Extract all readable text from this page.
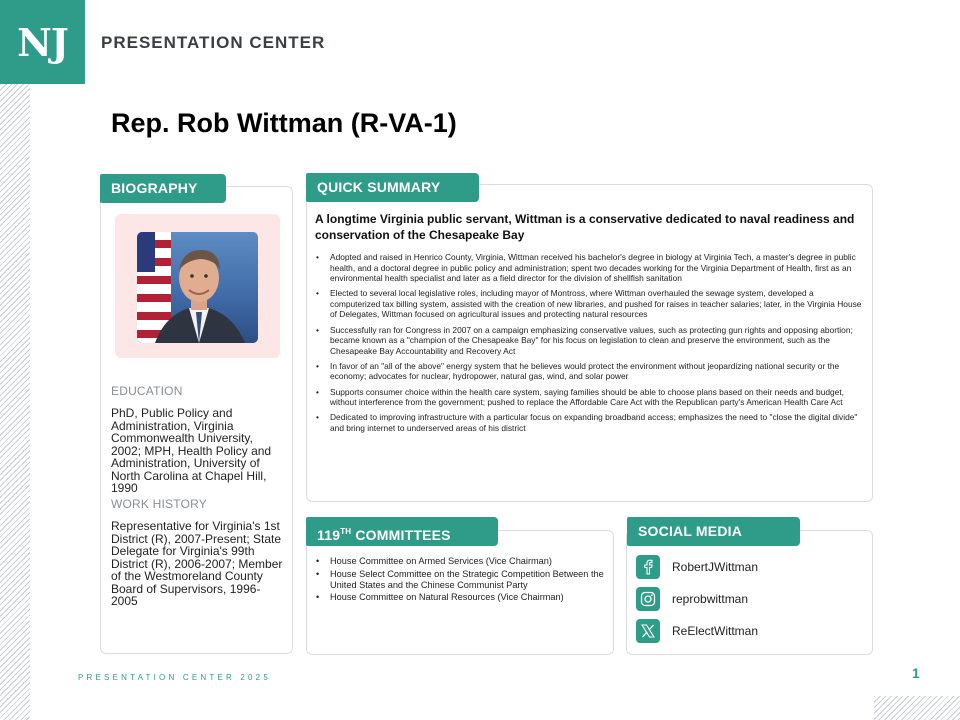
NJ	PRESENTATION CENTER
Rep. Rob Wittman (R-VA-1)
BIOGRAPHY
EDUCATION
PhD, Public Policy and Administration, Virginia Commonwealth University, 2002; MPH, Health Policy and Administration, University of North Carolina at Chapel Hill, 1990
WORK HISTORY
Representative for Virginia's 1st District (R), 2007-Present; State Delegate for Virginia's 99th District (R), 2006-2007; Member of the Westmoreland County Board of Supervisors, 1996-2005
QUICK SUMMARY
A longtime Virginia public servant, Wittman is a conservative dedicated to naval readiness and conservation of the Chesapeake Bay
• Adopted and raised in Henrico County, Virginia, Wittman received his bachelor's degree in biology at Virginia Tech, a master's degree in public health, and a doctoral degree in public policy and administration; spent two decades working for the Virginia Department of Health, first as an environmental health specialist and later as a field director for the division of shellfish sanitation
• Elected to several local legislative roles, including mayor of Montross, where Wittman overhauled the sewage system, developed a computerized tax billing system, assisted with the creation of new libraries, and pushed for raises in teacher salaries; later, in the Virginia House of Delegates, Wittman focused on agricultural issues and protecting natural resources
• Successfully ran for Congress in 2007 on a campaign emphasizing conservative values, such as protecting gun rights and opposing abortion; became known as a "champion of the Chesapeake Bay" for his focus on legislation to clean and preserve the environment, such as the Chesapeake Bay Accountability and Recovery Act
• In favor of an "all of the above" energy system that he believes would protect the environment without jeopardizing national security or the economy; advocates for nuclear, hydropower, natural gas, wind, and solar power
• Supports consumer choice within the health care system, saying families should be able to choose plans based on their needs and budget, without interference from the government; pushed to replace the Affordable Care Act with the Republican party's American Health Care Act
• Dedicated to improving infrastructure with a particular focus on expanding broadband access; emphasizes the need to "close the digital divide" and bring internet to underserved areas of his district
119TH COMMITTEES
• House Committee on Armed Services (Vice Chairman)
• House Select Committee on the Strategic Competition Between the United States and the Chinese Communist Party
• House Committee on Natural Resources (Vice Chairman)
SOCIAL MEDIA
RobertJWittman
reprobwittman
ReElectWittman
PRESENTATION CENTER 2025	1
